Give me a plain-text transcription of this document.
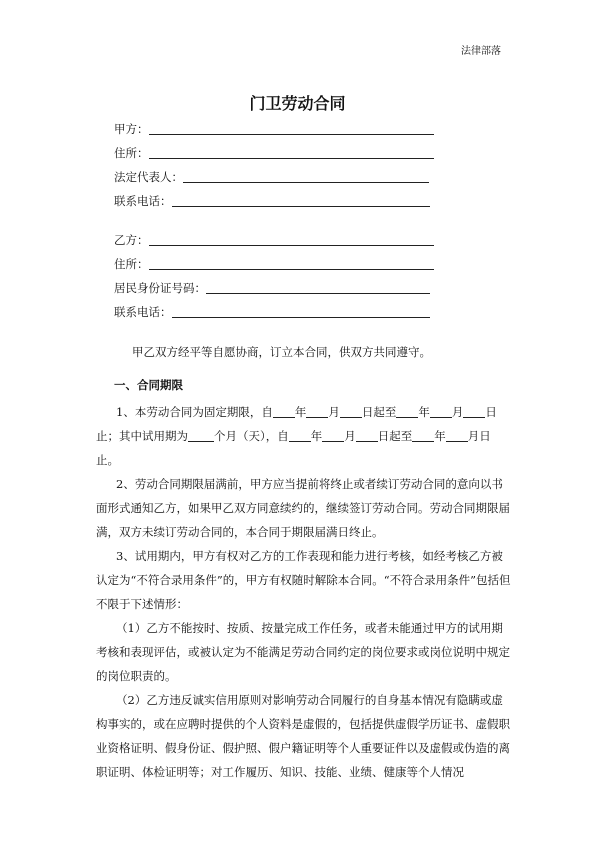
法律部落
门卫劳动合同
甲方：
住所：
法定代表人：
联系电话：
乙方：
住所：
居民身份证号码：
联系电话：
甲乙双方经平等自愿协商，订立本合同，供双方共同遵守。
一、合同期限

1、本劳动合同为固定期限，自 年 月 日起至 年 月 日止；其中试用期为 个月（天），自 年 月 日起至 年 月日止。

2、劳动合同期限届满前，甲方应当提前将终止或者续订劳动合同的意向以书面形式通知乙方，如果甲乙双方同意续约的，继续签订劳动合同。劳动合同期限届满，双方未续订劳动合同的，本合同于期限届满日终止。

3、试用期内，甲方有权对乙方的工作表现和能力进行考核，如经考核乙方被认定为“不符合录用条件”的，甲方有权随时解除本合同。“不符合录用条件”包括但不限于下述情形：

（1）乙方不能按时、按质、按量完成工作任务，或者未能通过甲方的试用期考核和表现评估，或被认定为不能满足劳动合同约定的岗位要求或岗位说明中规定的岗位职责的。

（2）乙方违反诚实信用原则对影响劳动合同履行的自身基本情况有隐瞒或虚构事实的，或在应聘时提供的个人资料是虚假的，包括提供虚假学历证书、虚假职业资格证明、假身份证、假护照、假户籍证明等个人重要证件以及虚假或伪造的离职证明、体检证明等；对工作履历、知识、技能、业绩、健康等个人情况
